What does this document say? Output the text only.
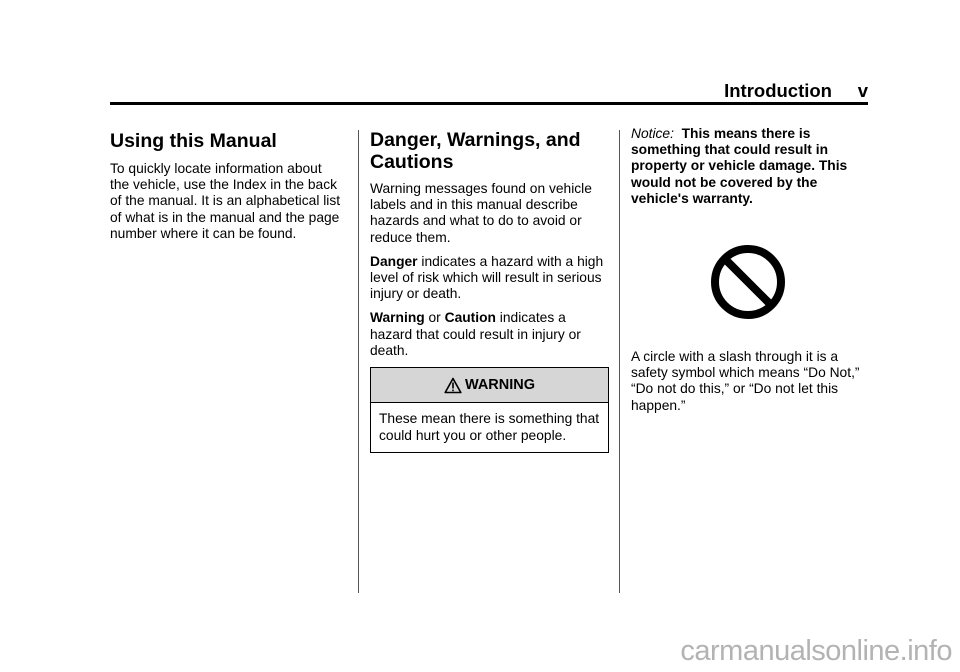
Introduction v
Using this Manual

To quickly locate information about the vehicle, use the Index in the back of the manual. It is an alphabetical list of what is in the manual and the page number where it can be found.

Danger, Warnings, and Cautions

Warning messages found on vehicle labels and in this manual describe hazards and what to do to avoid or reduce them.

Danger indicates a hazard with a high level of risk which will result in serious injury or death.

Warning or Caution indicates a hazard that could result in injury or death.

WARNING
These mean there is something that could hurt you or other people.

Notice:  This means there is something that could result in property or vehicle damage. This would not be covered by the vehicle's warranty.

A circle with a slash through it is a safety symbol which means “Do Not,” “Do not do this,” or “Do not let this happen.”

carmanualsonline.info
